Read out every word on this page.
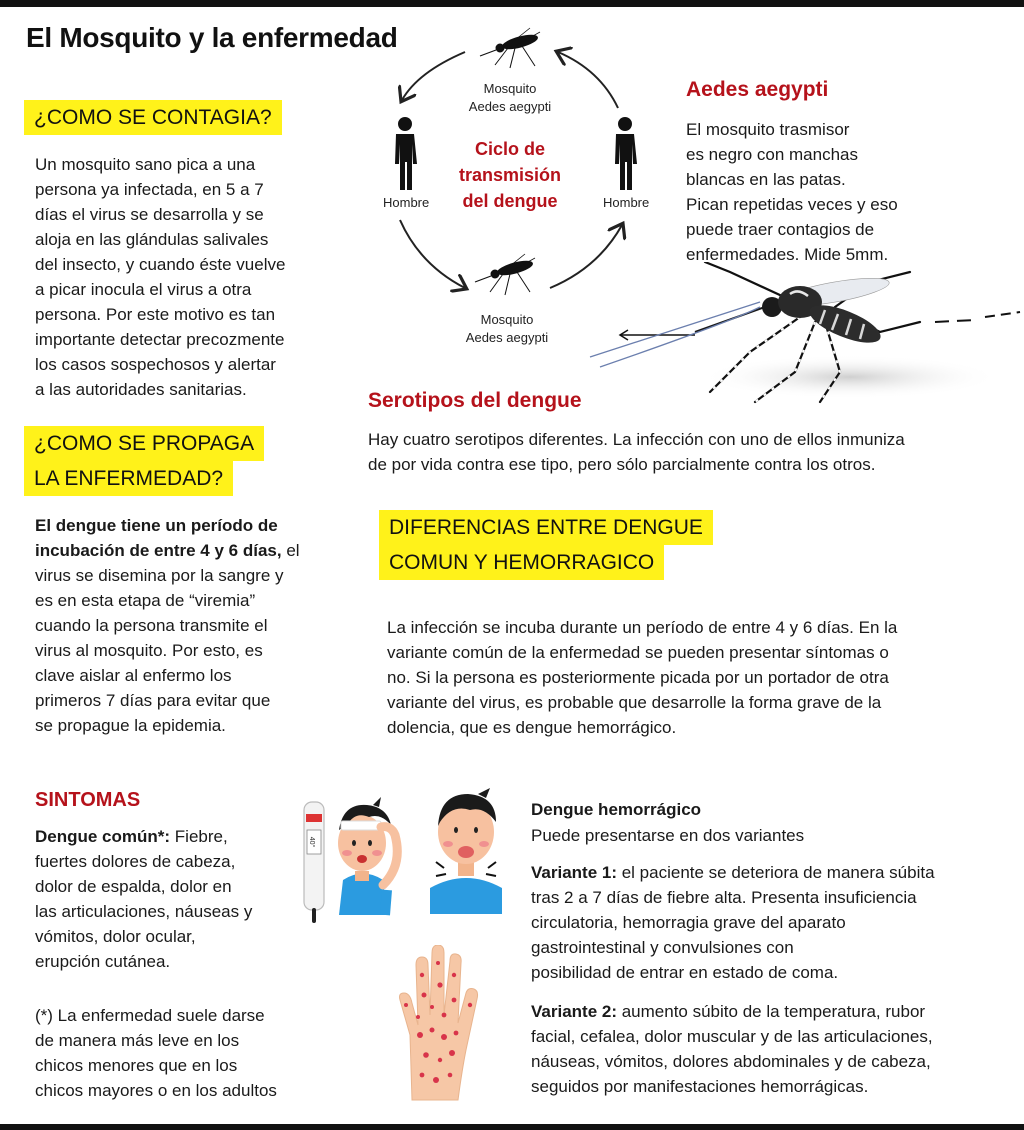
El Mosquito y la enfermedad
¿COMO SE CONTAGIA?
Un mosquito sano pica a una
persona ya infectada, en 5 a 7
días el virus se desarrolla y se
aloja en las glándulas salivales
del insecto, y cuando éste vuelve
a picar inocula el virus a otra
persona. Por este motivo es tan
importante detectar precozmente
los casos sospechosos y alertar
a las autoridades sanitarias.
¿COMO SE PROPAGA
LA ENFERMEDAD?
El dengue tiene un período de
incubación de entre 4 y 6 días, el
virus se disemina por la sangre y
es en esta etapa de “viremia”
cuando la persona transmite el
virus al mosquito. Por esto, es
clave aislar al enfermo los
primeros 7 días para evitar que
se propague la epidemia.
Mosquito
Aedes aegypti
Ciclo de
transmisión
del dengue
Hombre	Hombre
Mosquito
Aedes aegypti
Aedes aegypti
El mosquito trasmisor
es negro con manchas
blancas en las patas.
Pican repetidas veces y eso
puede traer contagios de
enfermedades. Mide 5mm.
Serotipos del dengue
Hay cuatro serotipos diferentes. La infección con uno de ellos inmuniza
de por vida contra ese tipo, pero sólo parcialmente contra los otros.
DIFERENCIAS ENTRE DENGUE
COMUN Y HEMORRAGICO
La infección se incuba durante un período de entre 4 y 6 días. En la
variante común de la enfermedad se pueden presentar síntomas o
no. Si la persona es posteriormente picada por un portador de otra
variante del virus, es probable que desarrolle la forma grave de la
dolencia, que es dengue hemorrágico.
SINTOMAS
Dengue común*: Fiebre,
fuertes dolores de cabeza,
dolor de espalda, dolor en
las articulaciones, náuseas y
vómitos, dolor ocular,
erupción cutánea.
(*) La enfermedad suele darse
de manera más leve en los
chicos menores que en los
chicos mayores o en los adultos
40°
Dengue hemorrágico
Puede presentarse en dos variantes
Variante 1: el paciente se deteriora de manera súbita
tras 2 a 7 días de fiebre alta. Presenta insuficiencia
circulatoria, hemorragia grave del aparato
gastrointestinal y convulsiones con
posibilidad de entrar en estado de coma.
Variante 2: aumento súbito de la temperatura, rubor
facial, cefalea, dolor muscular y de las articulaciones,
náuseas, vómitos, dolores abdominales y de cabeza,
seguidos por manifestaciones hemorrágicas.
